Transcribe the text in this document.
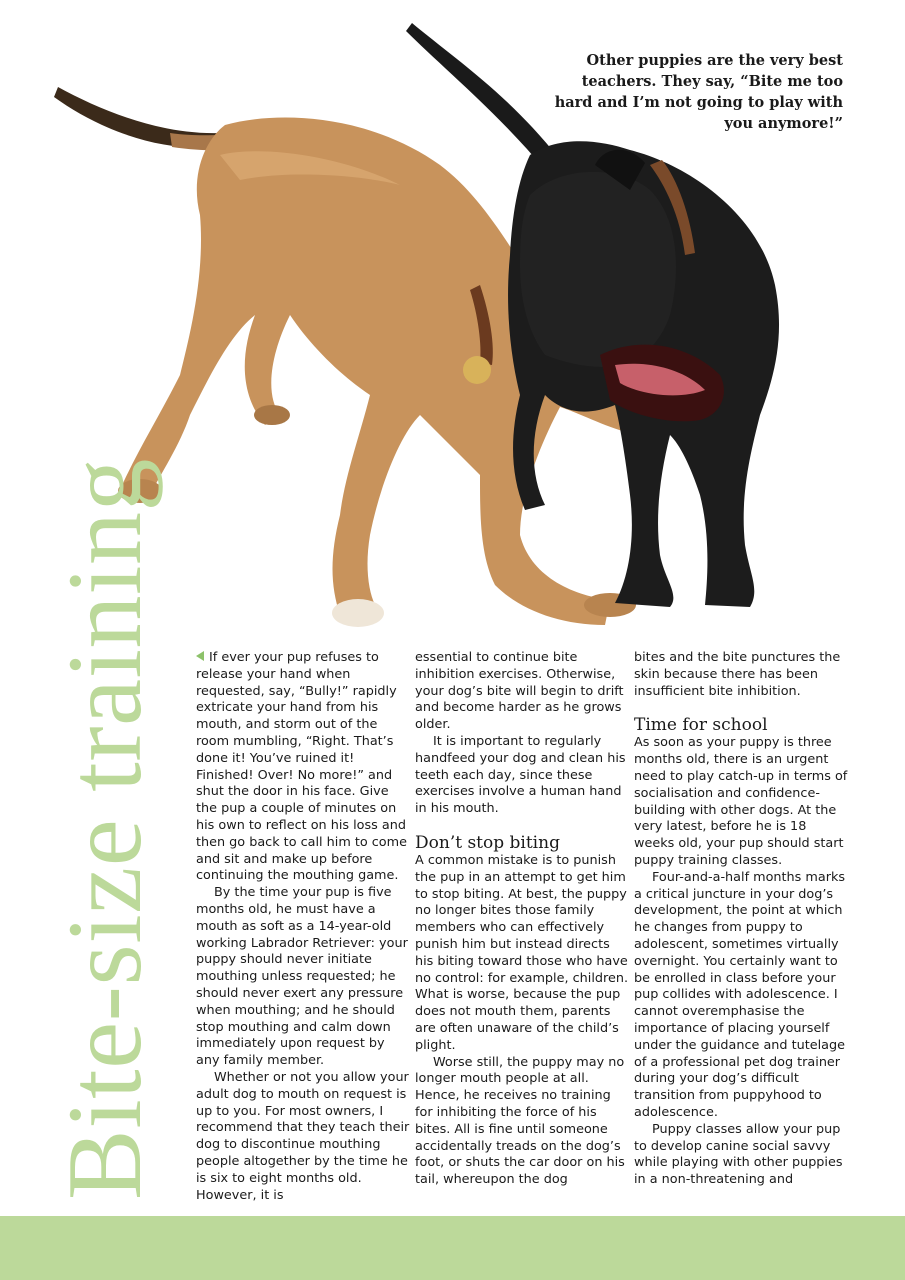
Other puppies are the very best teachers. They say, “Bite me too hard and I’m not going to play with you anymore!”
Bite-size training	If ever your pup refuses to release your hand when requested, say, “Bully!” rapidly extricate your hand from his mouth, and storm out of the room mumbling, “Right. That’s done it! You’ve ruined it! Finished! Over! No more!” and shut the door in his face. Give the pup a couple of minutes on his own to reflect on his loss and then go back to call him to come and sit and make up before continuing the mouthing game.

By the time your pup is five months old, he must have a mouth as soft as a 14-year-old working Labrador Retriever: your puppy should never initiate mouthing unless requested; he should never exert any pressure when mouthing; and he should stop mouthing and calm down immediately upon request by any family member.

Whether or not you allow your adult dog to mouth on request is up to you. For most owners, I recommend that they teach their dog to discontinue mouthing people altogether by the time he is six to eight months old. However, it is

essential to continue bite inhibition exercises. Otherwise, your dog’s bite will begin to drift and become harder as he grows older.

It is important to regularly handfeed your dog and clean his teeth each day, since these exercises involve a human hand in his mouth.

Don’t stop biting

A common mistake is to punish the pup in an attempt to get him to stop biting. At best, the puppy no longer bites those family members who can effectively punish him but instead directs his biting toward those who have no control: for example, children. What is worse, because the pup does not mouth them, parents are often unaware of the child’s plight.

Worse still, the puppy may no longer mouth people at all. Hence, he receives no training for inhibiting the force of his bites. All is fine until someone accidentally treads on the dog’s foot, or shuts the car door on his tail, whereupon the dog

bites and the bite punctures the skin because there has been insufficient bite inhibition.

Time for school

As soon as your puppy is three months old, there is an urgent need to play catch-up in terms of socialisation and confidence-building with other dogs. At the very latest, before he is 18 weeks old, your pup should start puppy training classes.

Four-and-a-half months marks a critical juncture in your dog’s development, the point at which he changes from puppy to adolescent, sometimes virtually overnight. You certainly want to be enrolled in class before your pup collides with adolescence. I cannot overemphasise the importance of placing yourself under the guidance and tutelage of a professional pet dog trainer during your dog’s difficult transition from puppyhood to adolescence.

Puppy classes allow your pup to develop canine social savvy while playing with other puppies in a non-threatening and
